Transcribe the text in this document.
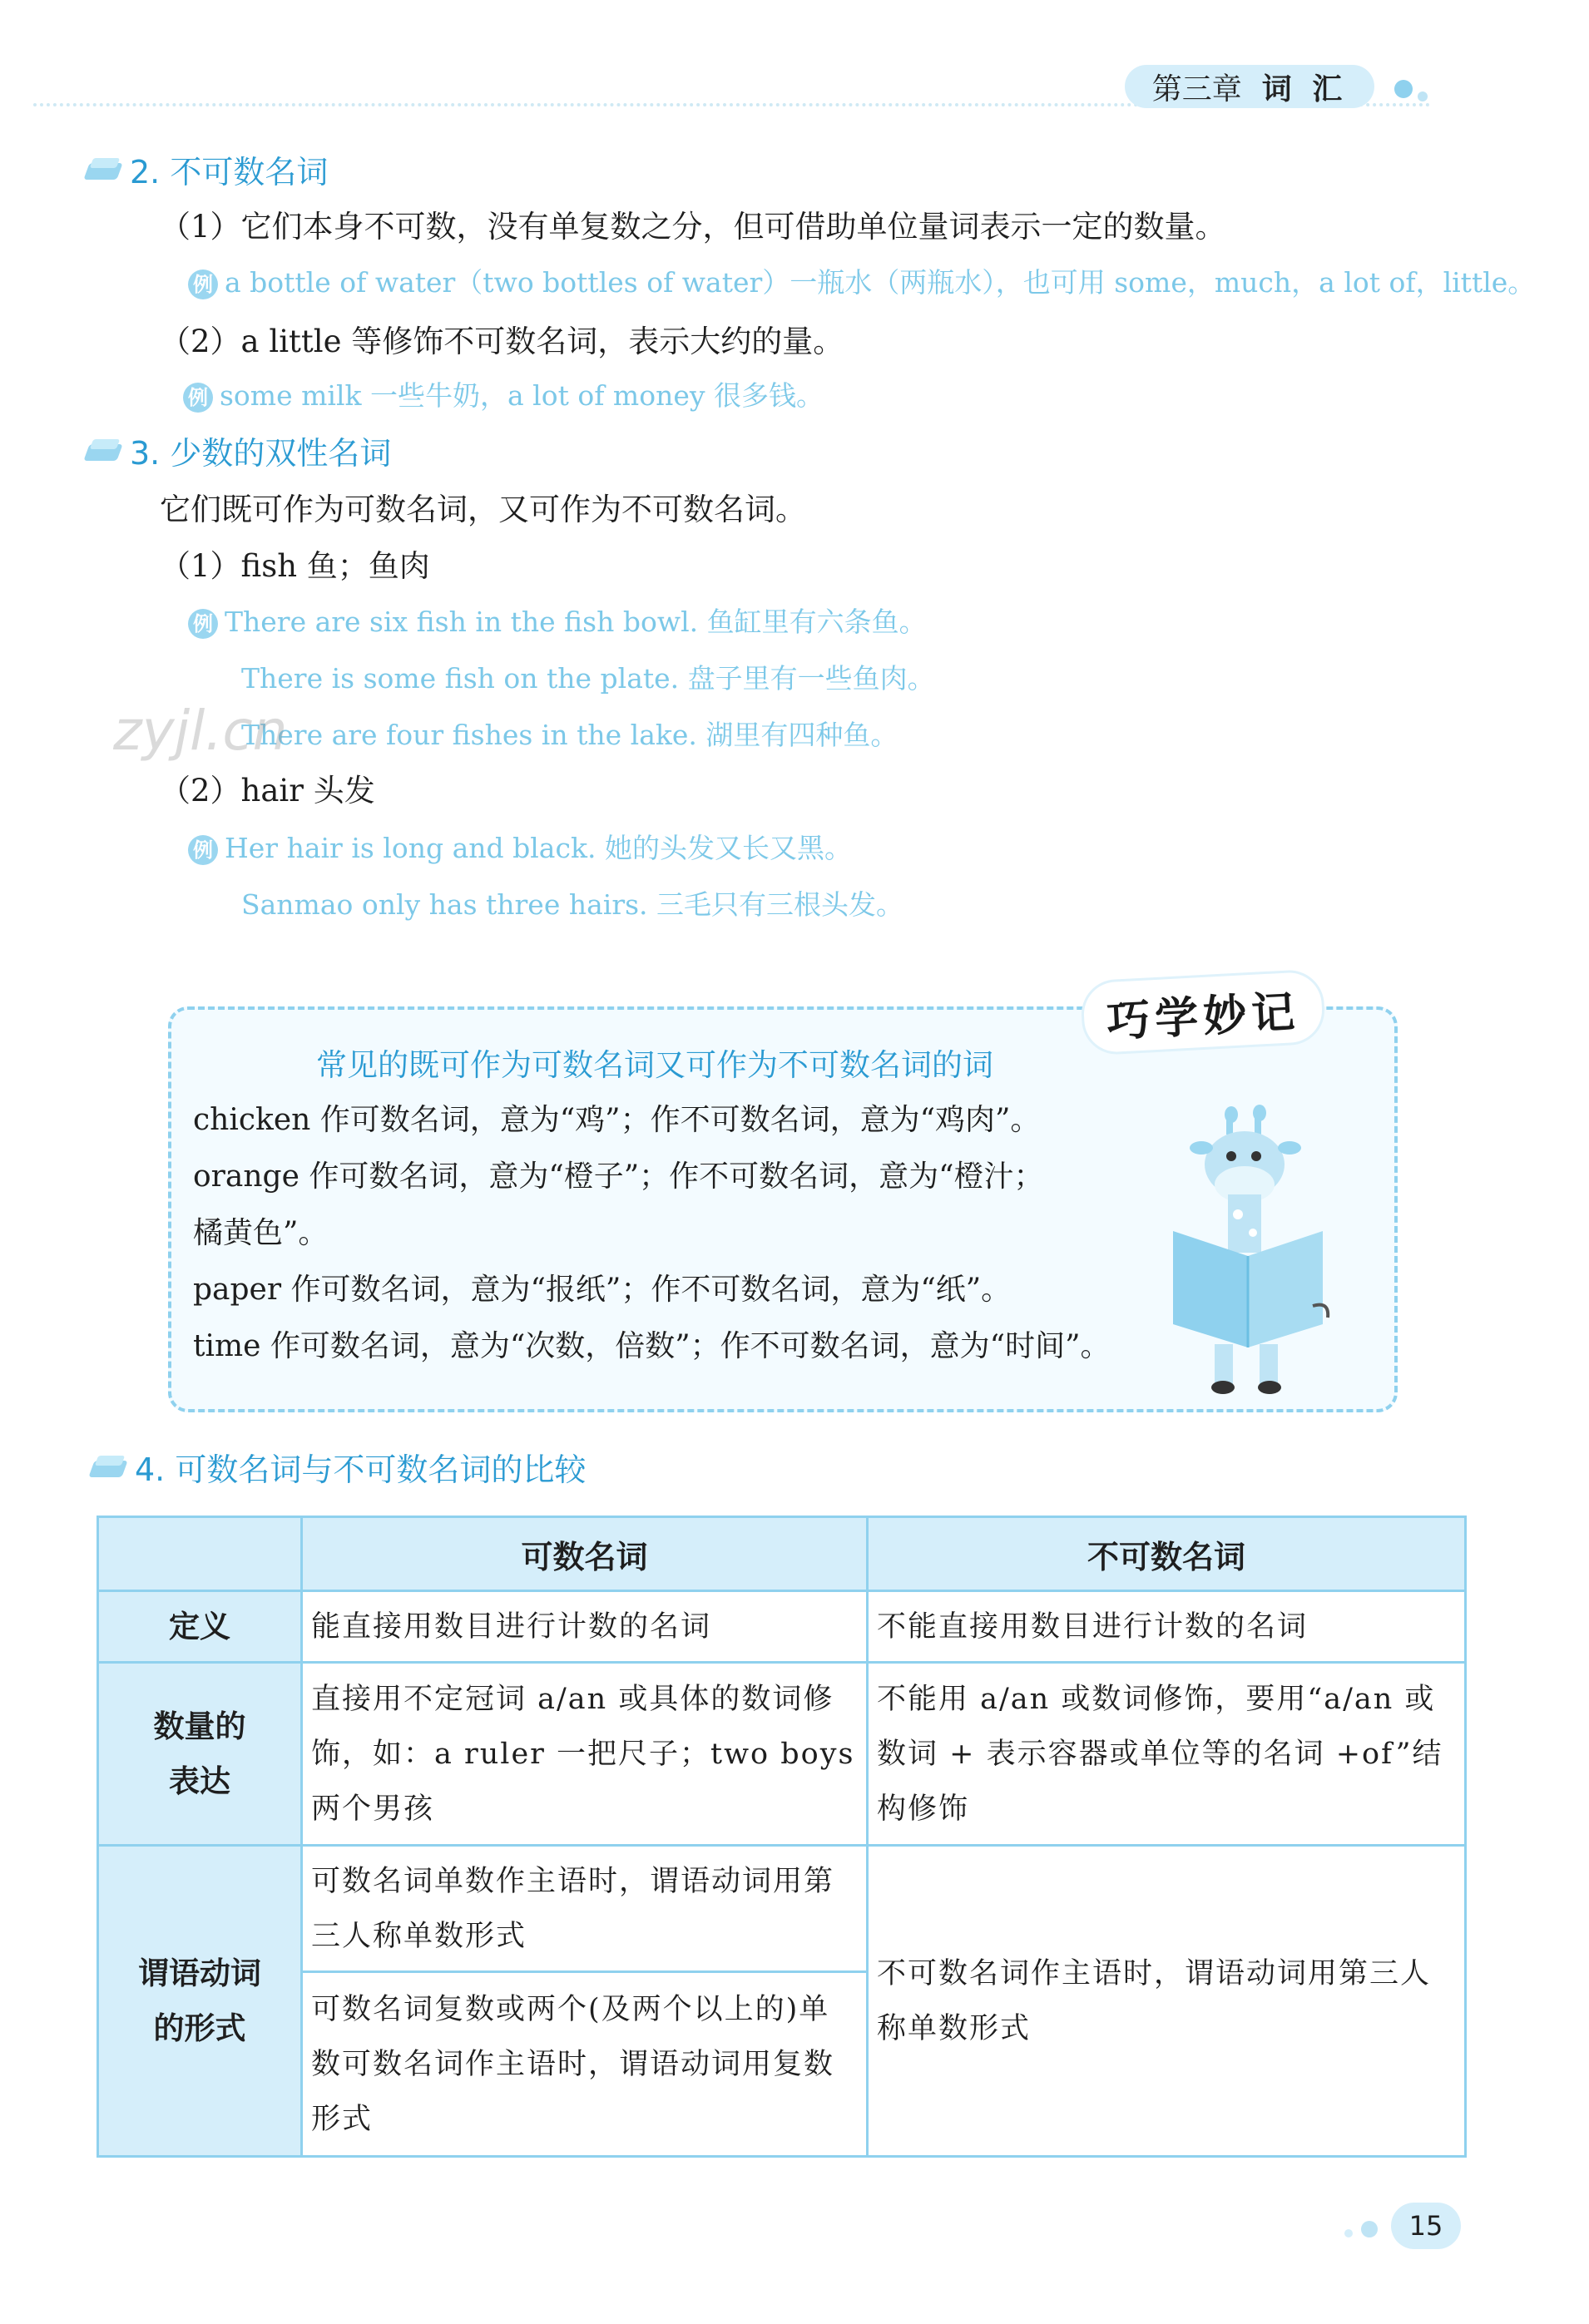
第三章 词 汇
2. 不可数名词
（1）它们本身不可数，没有单复数之分，但可借助单位量词表示一定的数量。
例 a bottle of water（two bottles of water）一瓶水（两瓶水），也可用 some，much，a lot of，little。
（2）a little 等修饰不可数名词，表示大约的量。
例 some milk 一些牛奶，a lot of money 很多钱。
3. 少数的双性名词
它们既可作为可数名词，又可作为不可数名词。
（1）fish 鱼；鱼肉
例 There are six fish in the fish bowl. 鱼缸里有六条鱼。
There is some fish on the plate. 盘子里有一些鱼肉。
There are four fishes in the lake. 湖里有四种鱼。
zyjl.cn
（2）hair 头发
例 Her hair is long and black. 她的头发又长又黑。
Sanmao only has three hairs. 三毛只有三根头发。
巧学妙记
常见的既可作为可数名词又可作为不可数名词的词
chicken 作可数名词，意为“鸡”；作不可数名词，意为“鸡肉”。
orange 作可数名词，意为“橙子”；作不可数名词，意为“橙汁；
橘黄色”。
paper 作可数名词，意为“报纸”；作不可数名词，意为“纸”。
time 作可数名词，意为“次数，倍数”；作不可数名词，意为“时间”。
4. 可数名词与不可数名词的比较
	可数名词	不可数名词
定义	能直接用数目进行计数的名词	不能直接用数目进行计数的名词

数量的
表达	直接用不定冠词 a/an 或具体的数词修饰，如：a ruler 一把尺子；two boys 两个男孩	不能用 a/an 或数词修饰，要用“a/an 或数词 + 表示容器或单位等的名词 +of”结构修饰

谓语动词
的形式	可数名词单数作主语时，谓语动词用第三人称单数形式	不可数名词作主语时，谓语动词用第三人称单数形式
	可数名词复数或两个(及两个以上的)单数可数名词作主语时，谓语动词用复数形式	
15
